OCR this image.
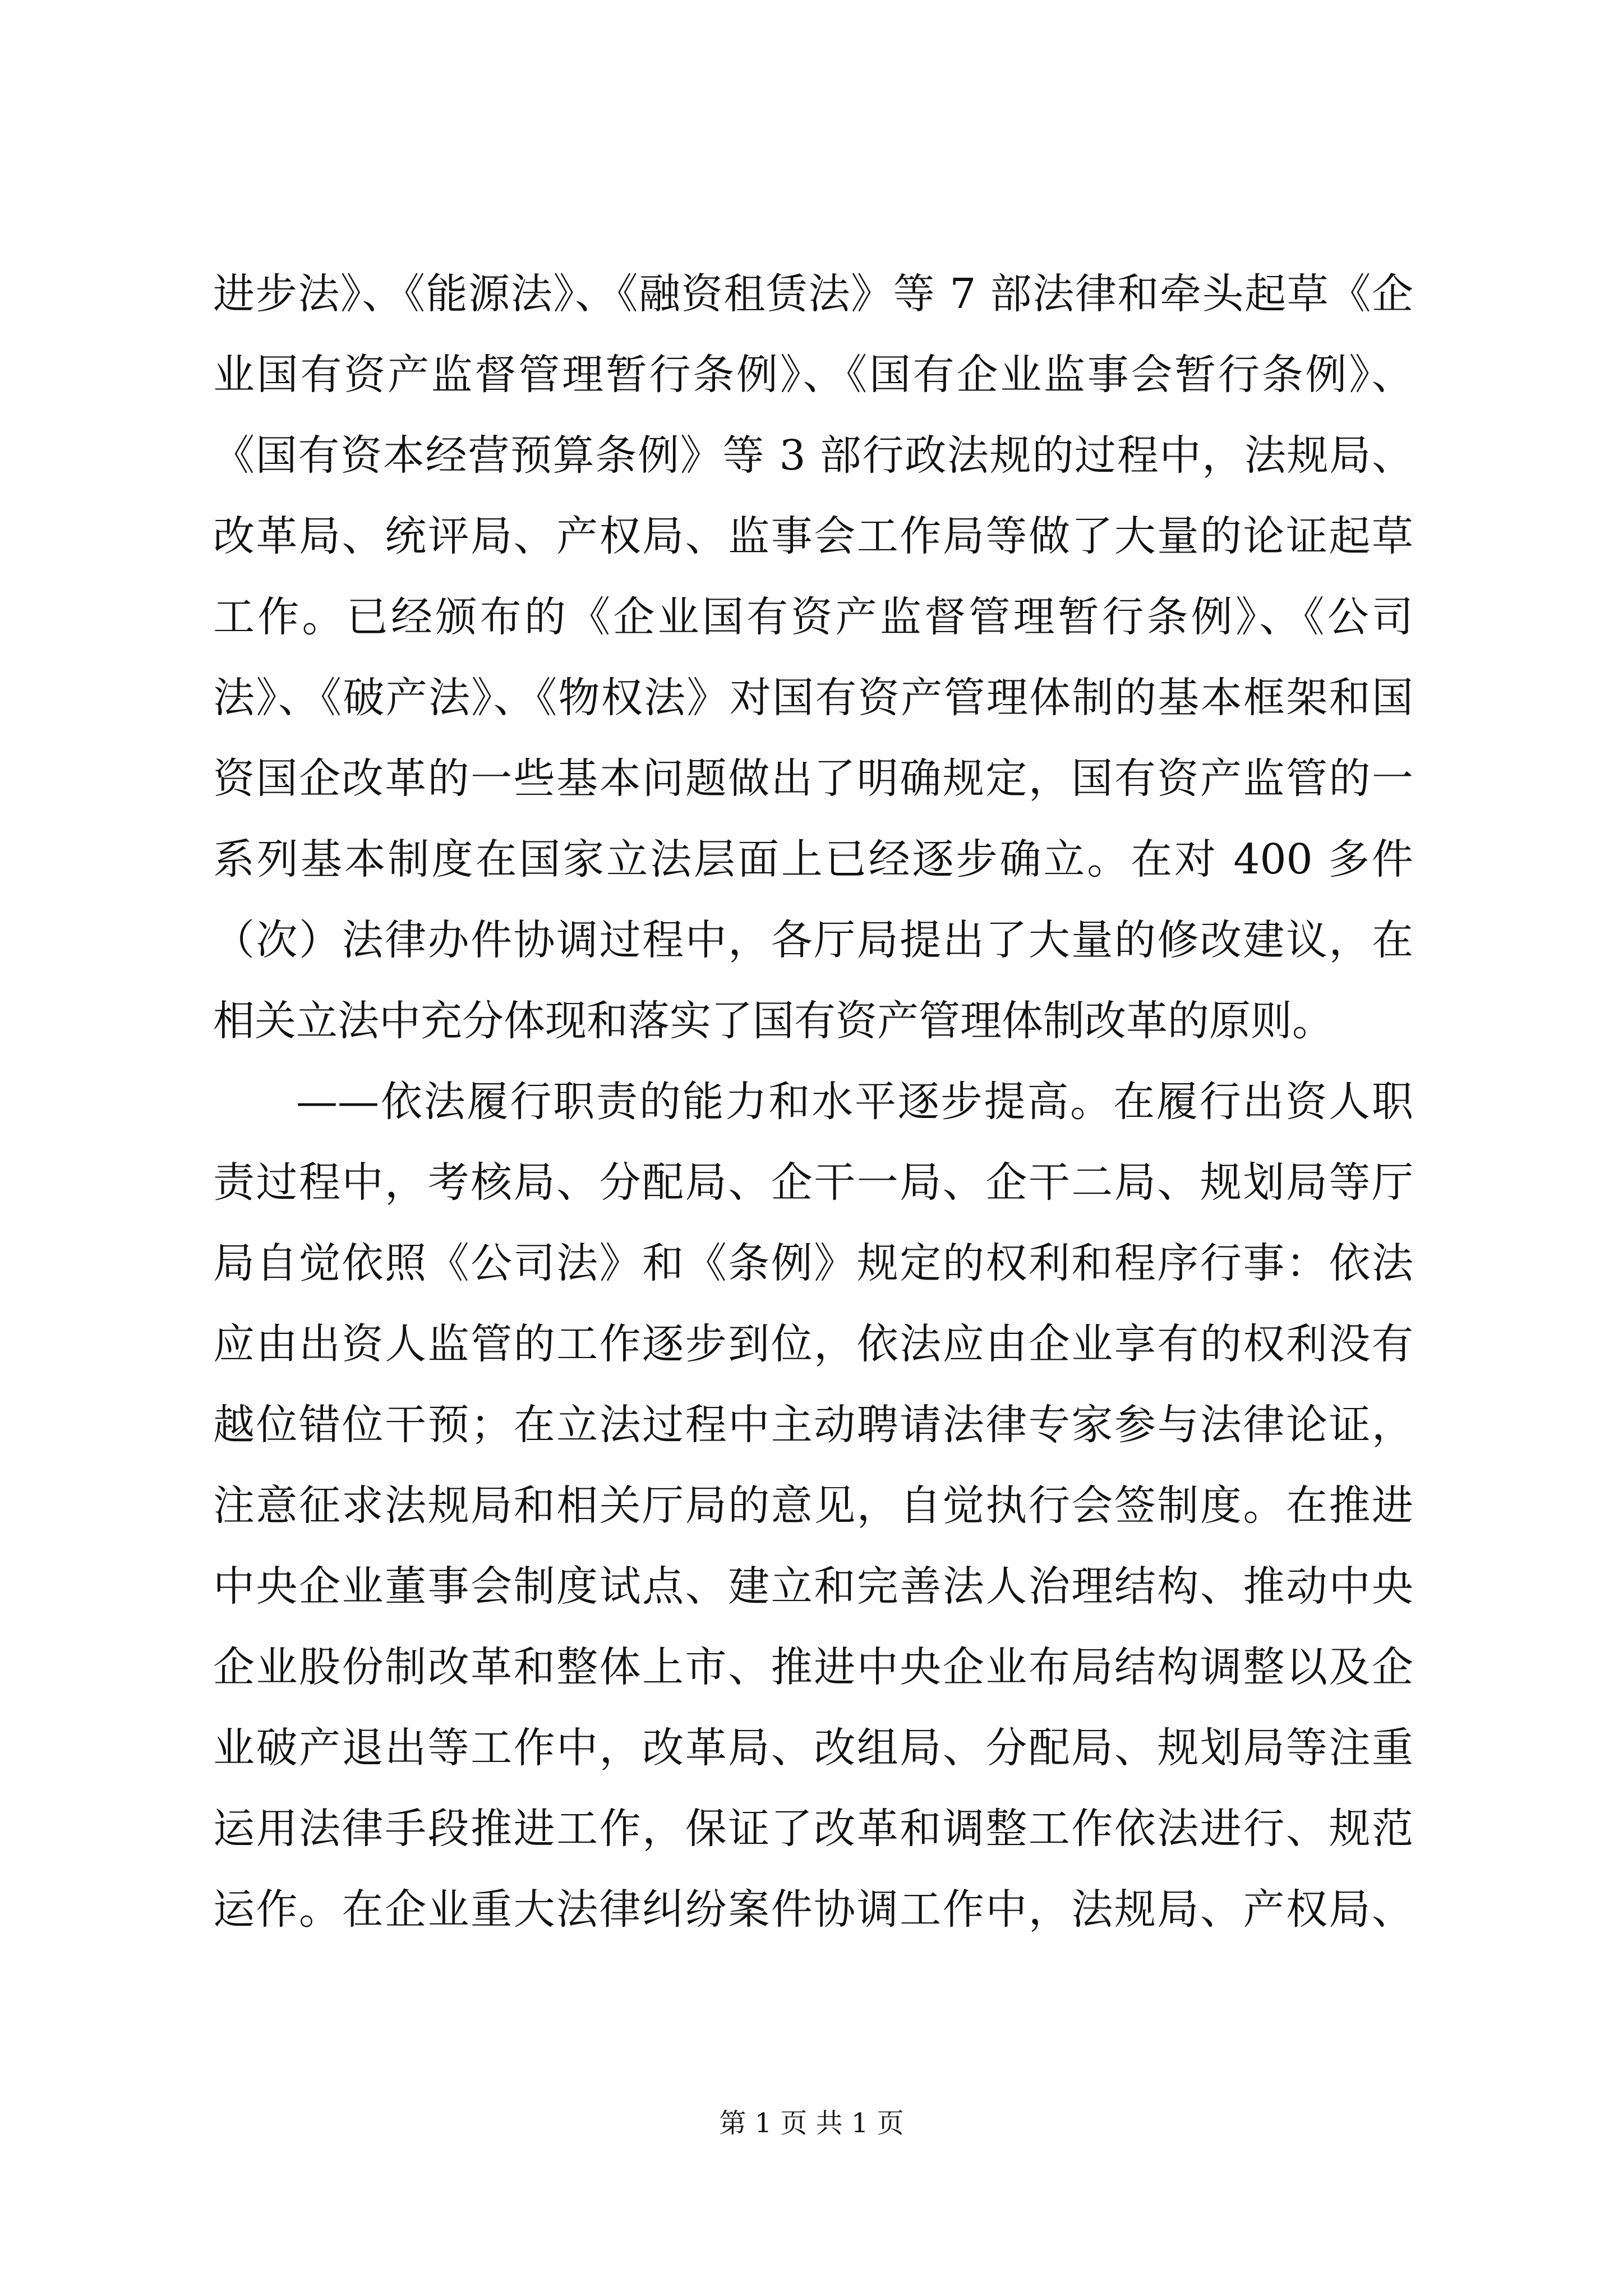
进步法》、《能源法》、《融资租赁法》等 7 部法律和牵头起草《企
业国有资产监督管理暂行条例》、《国有企业监事会暂行条例》、
《国有资本经营预算条例》等 3 部行政法规的过程中，法规局、
改革局、统评局、产权局、监事会工作局等做了大量的论证起草
工作。已经颁布的《企业国有资产监督管理暂行条例》、《公司
法》、《破产法》、《物权法》对国有资产管理体制的基本框架和国
资国企改革的一些基本问题做出了明确规定，国有资产监管的一
系列基本制度在国家立法层面上已经逐步确立。在对 400 多件
（次）法律办件协调过程中，各厅局提出了大量的修改建议，在
相关立法中充分体现和落实了国有资产管理体制改革的原则。
——依法履行职责的能力和水平逐步提高。在履行出资人职
责过程中，考核局、分配局、企干一局、企干二局、规划局等厅
局自觉依照《公司法》和《条例》规定的权利和程序行事：依法
应由出资人监管的工作逐步到位，依法应由企业享有的权利没有
越位错位干预；在立法过程中主动聘请法律专家参与法律论证，
注意征求法规局和相关厅局的意见，自觉执行会签制度。在推进
中央企业董事会制度试点、建立和完善法人治理结构、推动中央
企业股份制改革和整体上市、推进中央企业布局结构调整以及企
业破产退出等工作中，改革局、改组局、分配局、规划局等注重
运用法律手段推进工作，保证了改革和调整工作依法进行、规范
运作。在企业重大法律纠纷案件协调工作中，法规局、产权局、
第 1 页 共 1 页
